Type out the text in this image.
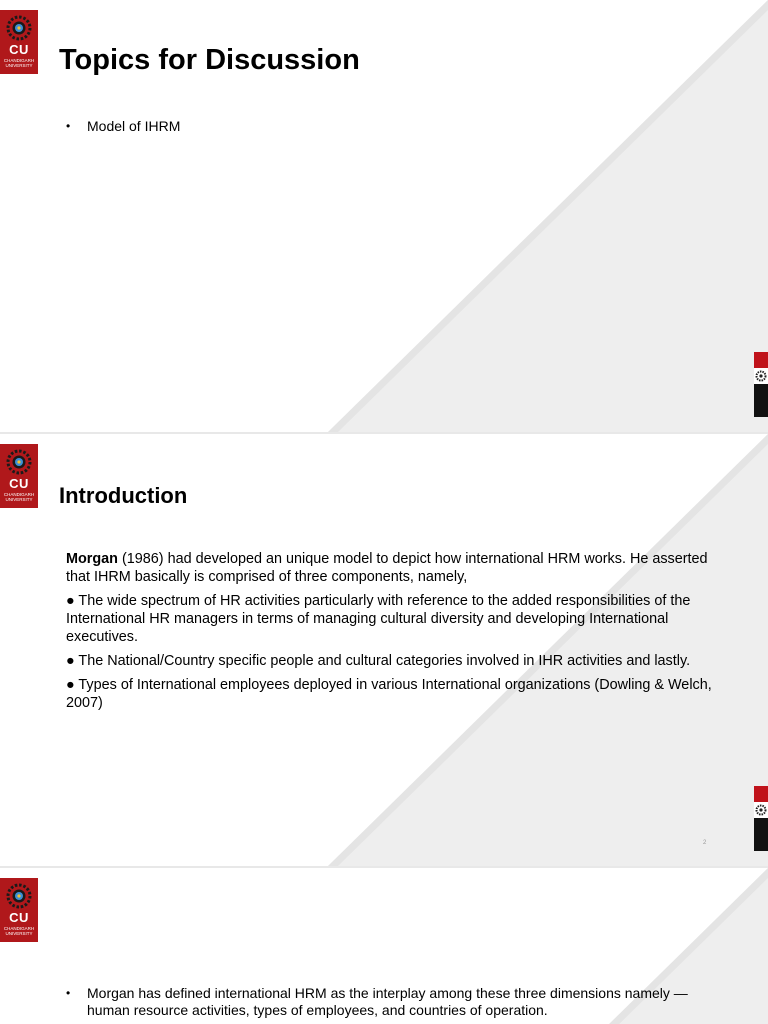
CU
CHANDIGARH UNIVERSITY Topics for Discussion
• Model of IHRM
CU
CHANDIGARH UNIVERSITY Introduction

Morgan (1986) had developed an unique model to depict how international HRM works. He asserted that IHRM basically is comprised of three components, namely,

● The wide spectrum of HR activities particularly with reference to the added responsibilities of the International HR managers in terms of managing cultural diversity and developing International executives.

● The National/Country specific people and cultural categories involved in IHR activities and lastly.

● Types of International employees deployed in various International organizations (Dowling & Welch, 2007)

2
CU
CHANDIGARH UNIVERSITY
• Morgan has defined international HRM as the interplay among these three dimensions namely —human resource activities, types of employees, and countries of operation.
